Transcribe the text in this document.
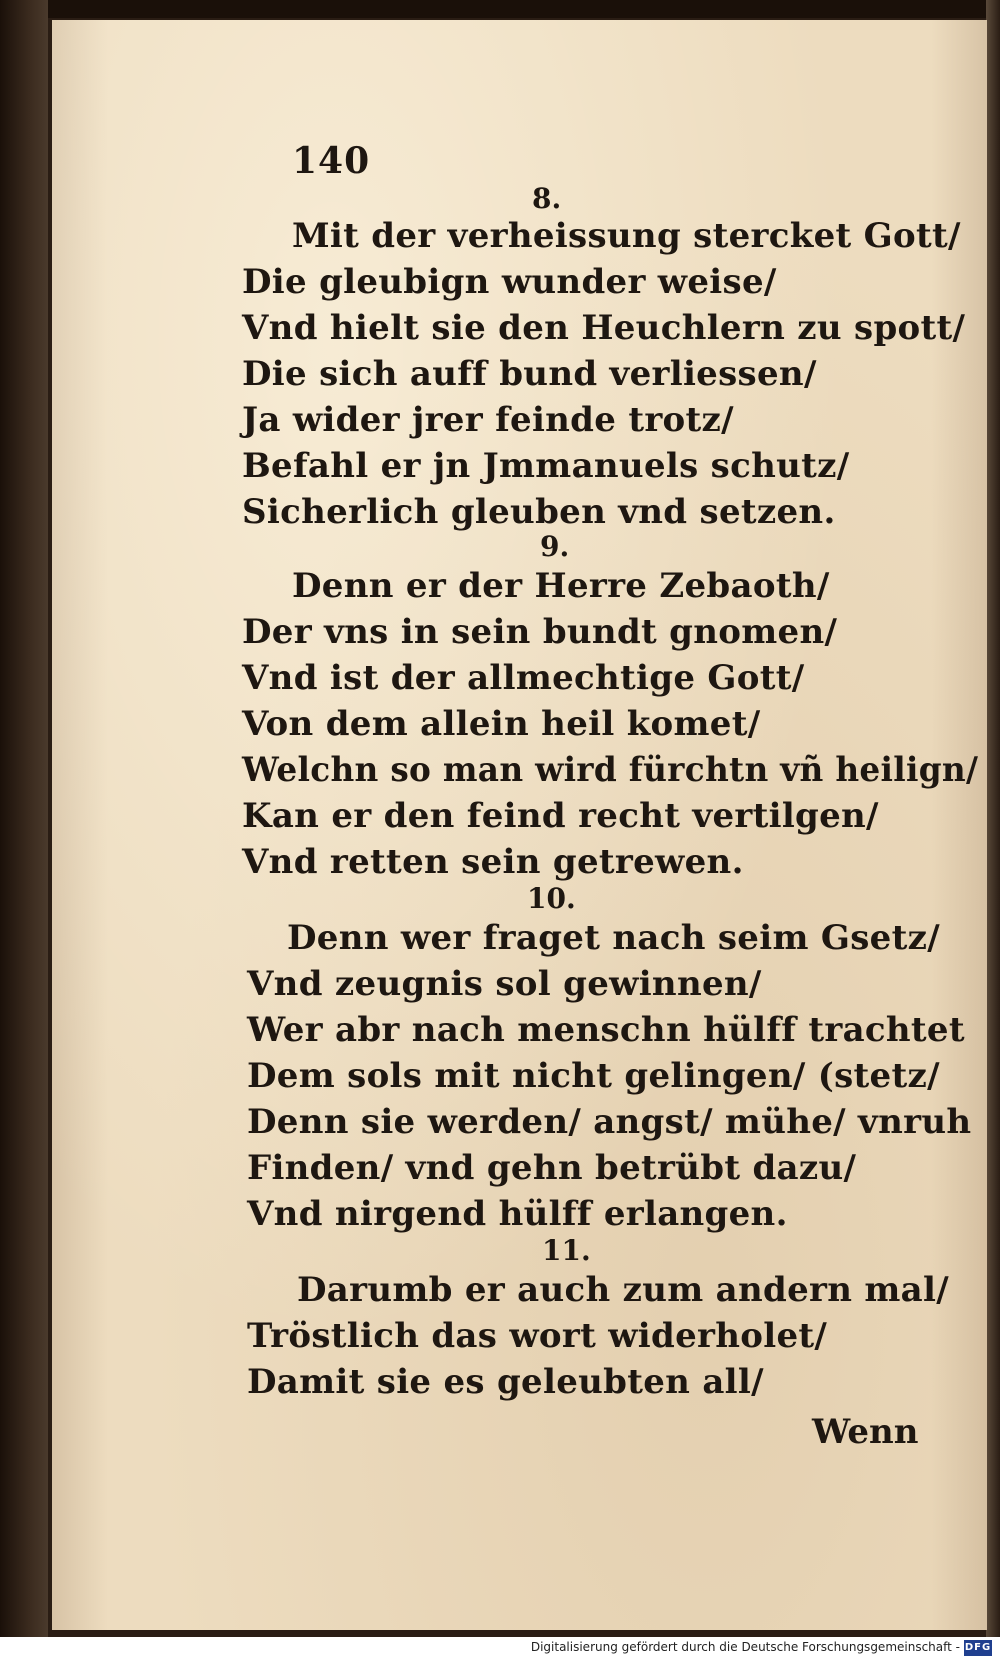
140
8.
Mit der verheissung stercket Gott/
Die gleubign wunder weise/
Vnd hielt sie den Heuchlern zu spott/
Die sich auff bund verliessen/
Ja wider jrer feinde trotz/
Befahl er jn Jmmanuels schutz/
Sicherlich gleuben vnd setzen.
9.
Denn er der Herre Zebaoth/
Der vns in sein bundt gnomen/
Vnd ist der allmechtige Gott/
Von dem allein heil komet/
Welchn so man wird fürchtn vñ heilign/
Kan er den feind recht vertilgen/
Vnd retten sein getrewen.
10.
Denn wer fraget nach seim Gsetz/
Vnd zeugnis sol gewinnen/
Wer abr nach menschn hülff trachtet
Dem sols mit nicht gelingen/ (stetz/
Denn sie werden/ angst/ mühe/ vnruh
Finden/ vnd gehn betrübt dazu/
Vnd nirgend hülff erlangen.
11.
Darumb er auch zum andern mal/
Tröstlich das wort widerholet/
Damit sie es geleubten all/
Wenn
Digitalisierung gefördert durch die Deutsche Forschungsgemeinschaft - DFG
